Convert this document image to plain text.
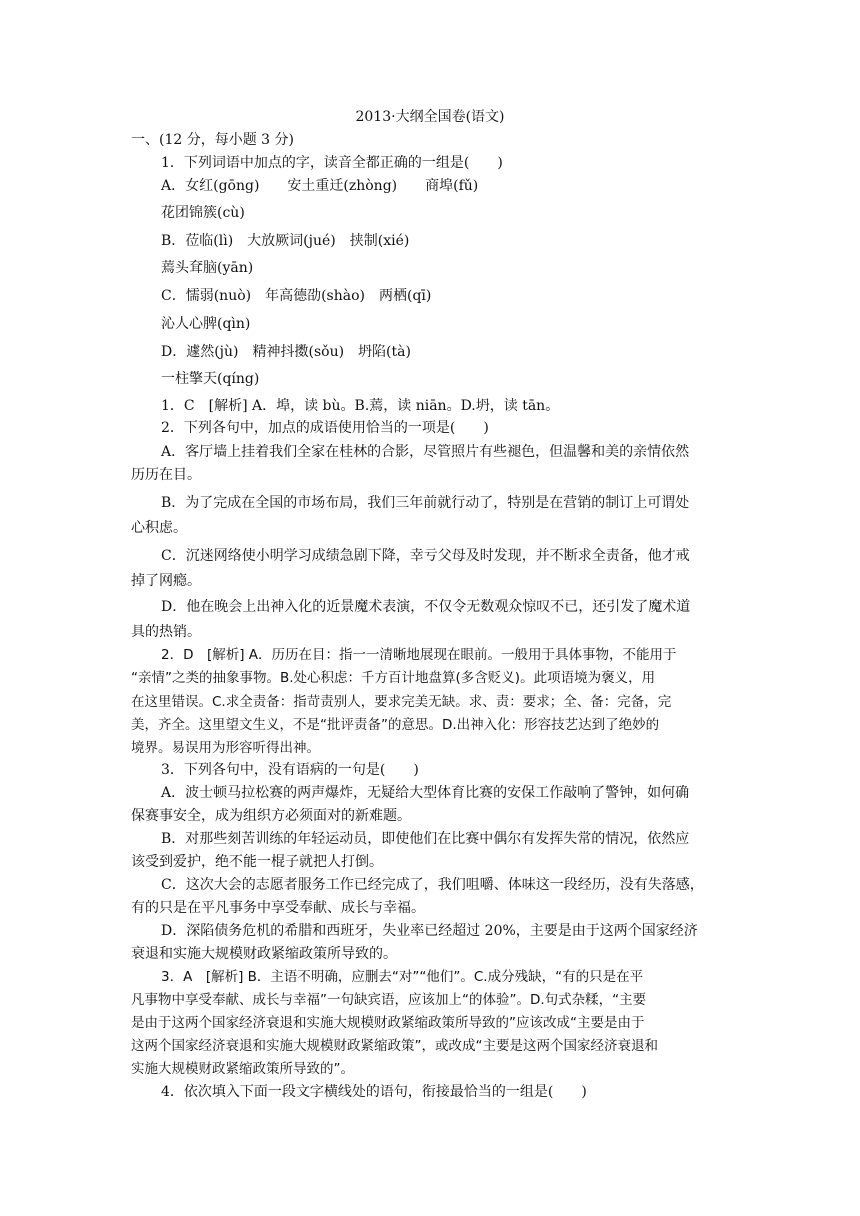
2013·大纲全国卷(语文)
一、(12 分，每小题 3 分)
1．下列词语中加点的字，读音全都正确的一组是(　　)
A．女红(gōng)　　安土重迁(zhòng)　　商埠(fǔ)
花团锦簇(cù)
B．莅临(lì)　大放厥词(jué)　挟制(xié)
蔫头耷脑(yān)
C．懦弱(nuò)　年高德劭(shào)　两栖(qī)
沁人心脾(qìn)
D．遽然(jù)　精神抖擞(sǒu)　坍陷(tà)
一柱擎天(qíng)
1．C　[解析] A．埠，读 bù。B.蔫，读 niān。D.坍，读 tān。
2．下列各句中，加点的成语使用恰当的一项是(　　)
A．客厅墙上挂着我们全家在桂林的合影，尽管照片有些褪色，但温馨和美的亲情依然
历历在目。
B．为了完成在全国的市场布局，我们三年前就行动了，特别是在营销的制订上可谓处
心积虑。
C．沉迷网络使小明学习成绩急剧下降，幸亏父母及时发现，并不断求全责备，他才戒
掉了网瘾。
D．他在晚会上出神入化的近景魔术表演，不仅令无数观众惊叹不已，还引发了魔术道
具的热销。
2．D　[解析] A．历历在目：指一一清晰地展现在眼前。一般用于具体事物，不能用于
“亲情”之类的抽象事物。B.处心积虑：千方百计地盘算(多含贬义)。此项语境为褒义，用
在这里错误。C.求全责备：指苛责别人，要求完美无缺。求、责：要求；全、备：完备，完
美，齐全。这里望文生义，不是“批评责备”的意思。D.出神入化：形容技艺达到了绝妙的
境界。易误用为形容听得出神。
3．下列各句中，没有语病的一句是(　　)
A．波士顿马拉松赛的两声爆炸，无疑给大型体育比赛的安保工作敲响了警钟，如何确
保赛事安全，成为组织方必须面对的新难题。
B．对那些刻苦训练的年轻运动员，即使他们在比赛中偶尔有发挥失常的情况，依然应
该受到爱护，绝不能一棍子就把人打倒。
C．这次大会的志愿者服务工作已经完成了，我们咀嚼、体味这一段经历，没有失落感，
有的只是在平凡事务中享受奉献、成长与幸福。
D．深陷债务危机的希腊和西班牙，失业率已经超过 20%，主要是由于这两个国家经济
衰退和实施大规模财政紧缩政策所导致的。
3．A　[解析] B．主语不明确，应删去“对”“他们”。C.成分残缺，“有的只是在平
凡事物中享受奉献、成长与幸福”一句缺宾语，应该加上“的体验”。D.句式杂糅，“主要
是由于这两个国家经济衰退和实施大规模财政紧缩政策所导致的”应该改成“主要是由于
这两个国家经济衰退和实施大规模财政紧缩政策”，或改成“主要是这两个国家经济衰退和
实施大规模财政紧缩政策所导致的”。
4．依次填入下面一段文字横线处的语句，衔接最恰当的一组是(　　)
